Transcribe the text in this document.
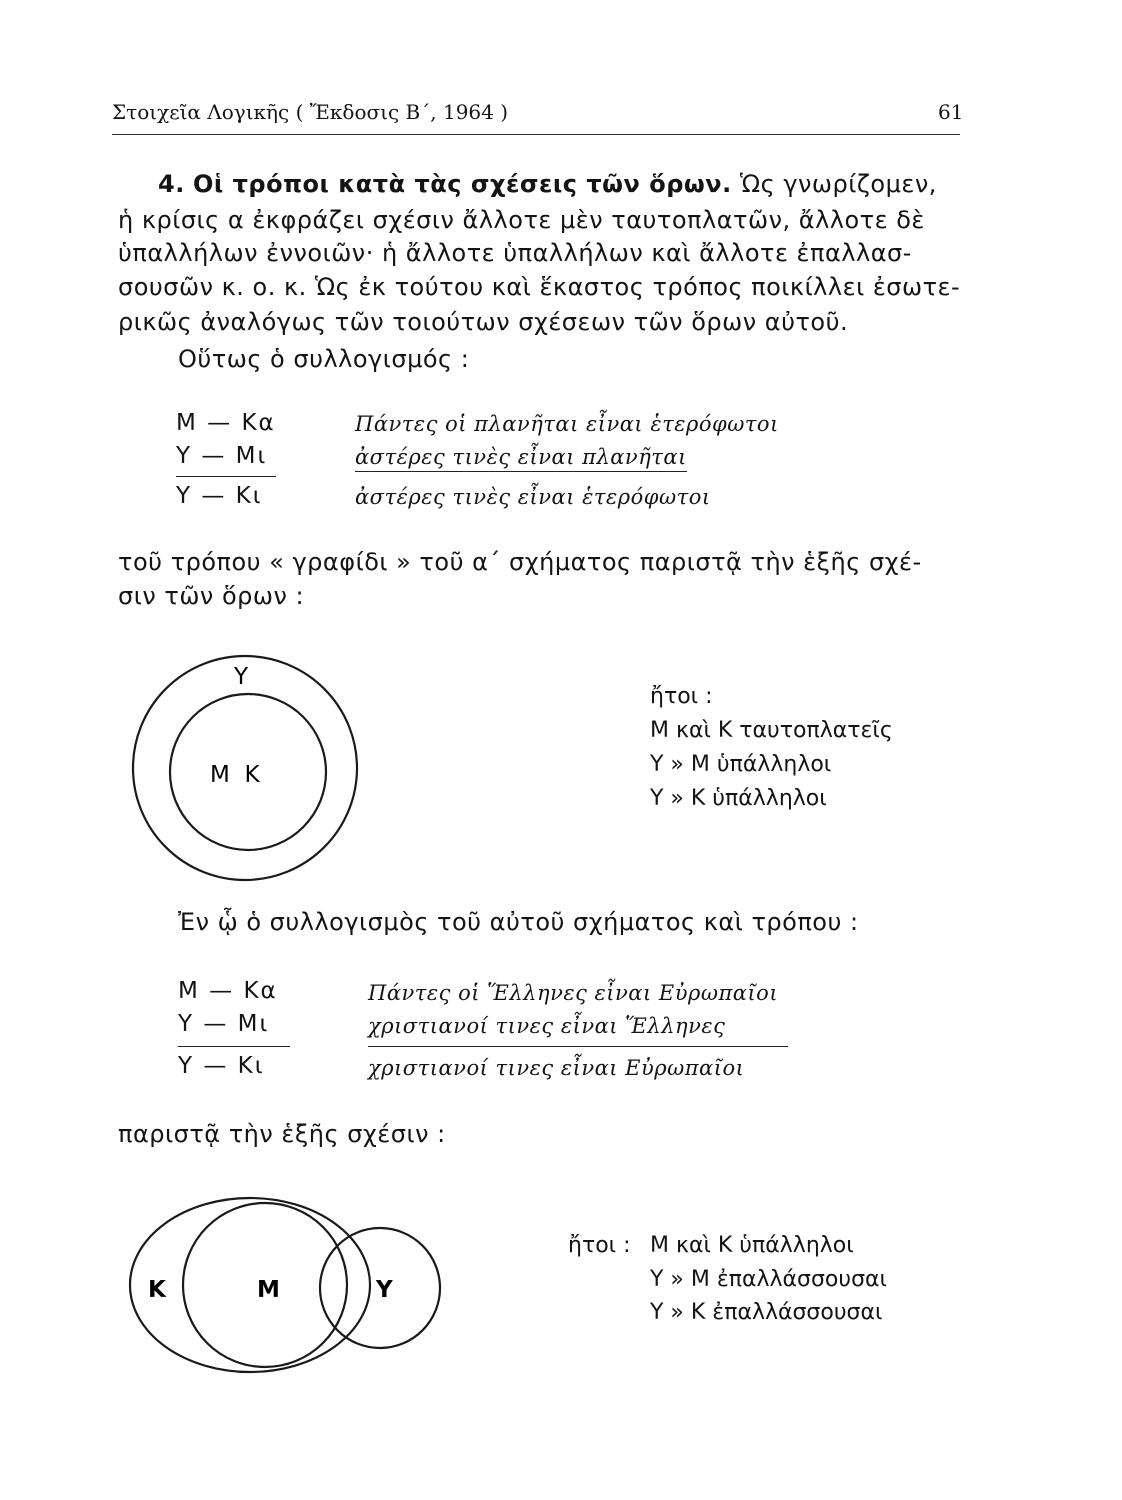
Στοιχεῖα Λογικῆς ( Ἔκδοσις Β΄, 1964 )	61
4. Οἱ τρόποι κατὰ τὰς σχέσεις τῶν ὅρων. Ὡς γνωρίζομεν,
ἡ κρίσις α ἐκφράζει σχέσιν ἄλλοτε μὲν ταυτοπλατῶν, ἄλλοτε δὲ
ὑπαλλήλων ἐννοιῶν· ἡ ἄλλοτε ὑπαλλήλων καὶ ἄλλοτε ἐπαλλασ-
σουσῶν κ. ο. κ. Ὡς ἐκ τούτου καὶ ἕκαστος τρόπος ποικίλλει ἐσωτε-
ρικῶς ἀναλόγως τῶν τοιούτων σχέσεων τῶν ὅρων αὐτοῦ.
Οὕτως ὁ συλλογισμός :
Μ — Κα	Πάντες οἱ πλανῆται εἶναι ἑτερόφωτοι
Υ — Μι	ἀστέρες τινὲς εἶναι πλανῆται
Υ — Κι	ἀστέρες τινὲς εἶναι ἑτερόφωτοι
τοῦ τρόπου « γραφίδι » τοῦ α΄ σχήματος παριστᾷ τὴν ἑξῆς σχέ-
σιν τῶν ὅρων :
Υ
Μ  Κ
ἤτοι :
Μ καὶ Κ ταυτοπλατεῖς
Υ » Μ ὑπάλληλοι
Υ » Κ ὑπάλληλοι
Ἐν ᾧ ὁ συλλογισμὸς τοῦ αὐτοῦ σχήματος καὶ τρόπου :
Μ — Κα	Πάντες οἱ Ἕλληνες εἶναι Εὐρωπαῖοι
Υ — Μι	χριστιανοί τινες εἶναι Ἕλληνες
Υ — Κι	χριστιανοί τινες εἶναι Εὐρωπαῖοι
παριστᾷ τὴν ἑξῆς σχέσιν :
Κ	Μ	Υ
ἤτοι : Μ καὶ Κ ὑπάλληλοι
Υ » Μ ἐπαλλάσσουσαι
Υ » Κ ἐπαλλάσσουσαι
